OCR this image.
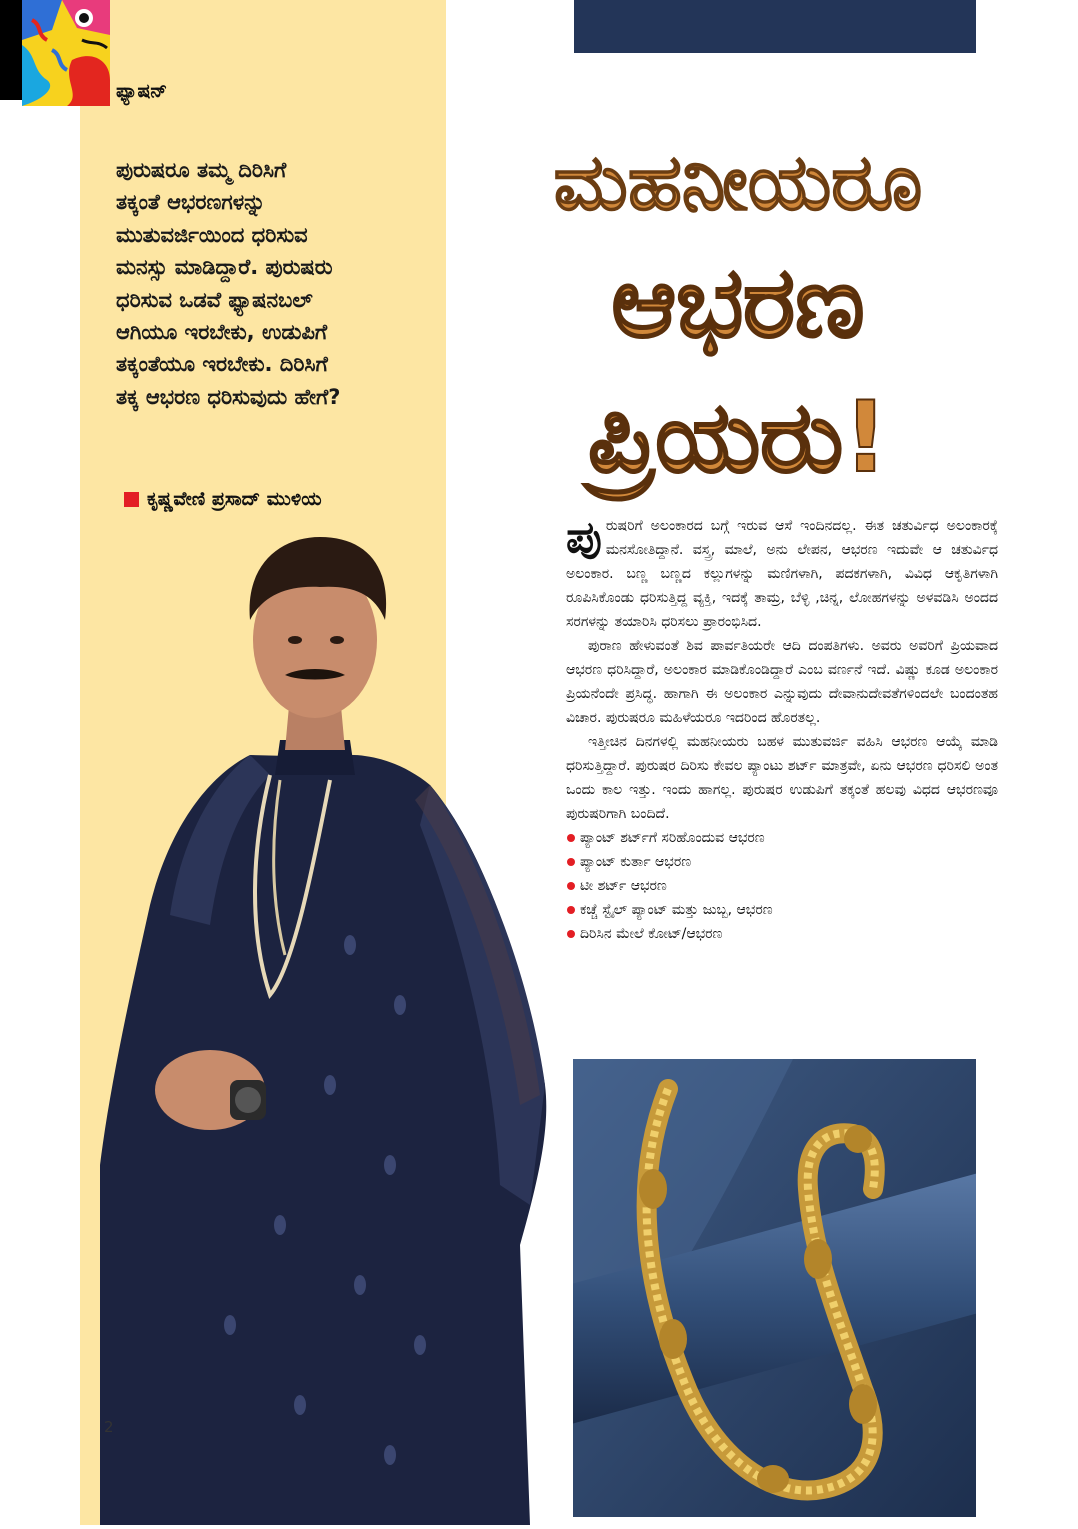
ಫ್ಯಾಷನ್

ಪುರುಷರೂ ತಮ್ಮ ದಿರಿಸಿಗೆ
ತಕ್ಕಂತೆ ಆಭರಣಗಳನ್ನು
ಮುತುವರ್ಜಿಯಿಂದ ಧರಿಸುವ
ಮನಸ್ಸು ಮಾಡಿದ್ದಾರೆ. ಪುರುಷರು
ಧರಿಸುವ ಒಡವೆ ಫ್ಯಾಷನಬಲ್
ಆಗಿಯೂ ಇರಬೇಕು, ಉಡುಪಿಗೆ
ತಕ್ಕಂತೆಯೂ ಇರಬೇಕು. ದಿರಿಸಿಗೆ
ತಕ್ಕ ಆಭರಣ ಧರಿಸುವುದು ಹೇಗೆ?

ಕೃಷ್ಣವೇಣಿ ಪ್ರಸಾದ್ ಮುಳಿಯ
ಮಹನೀಯರೂ
ಆಭರಣ
ಪ್ರಿಯರು!

ಪುರುಷರಿಗೆ ಅಲಂಕಾರದ ಬಗ್ಗೆ ಇರುವ ಆಸೆ ಇಂದಿನದಲ್ಲ. ಈತ ಚತುರ್ವಿಧ ಅಲಂಕಾರಕ್ಕೆ ಮನಸೋತಿದ್ದಾನೆ. ವಸ್ತ್ರ, ಮಾಲೆ, ಅನು ಲೇಪನ, ಆಭರಣ ಇದುವೇ ಆ ಚತುರ್ವಿಧ ಅಲಂಕಾರ. ಬಣ್ಣ ಬಣ್ಣದ ಕಲ್ಲುಗಳನ್ನು ಮಣಿಗಳಾಗಿ, ಪದಕಗಳಾಗಿ, ವಿವಿಧ ಆಕೃತಿಗಳಾಗಿ ರೂಪಿಸಿಕೊಂಡು ಧರಿಸುತ್ತಿದ್ದ ವ್ಯಕ್ತಿ, ಇದಕ್ಕೆ ತಾಮ್ರ, ಬೆಳ್ಳಿ ,ಚಿನ್ನ, ಲೋಹಗಳನ್ನು ಅಳವಡಿಸಿ ಅಂದದ ಸರಗಳನ್ನು ತಯಾರಿಸಿ ಧರಿಸಲು ಪ್ರಾರಂಭಿಸಿದ.

ಪುರಾಣ ಹೇಳುವಂತೆ ಶಿವ ಪಾರ್ವತಿಯರೇ ಆದಿ ದಂಪತಿಗಳು. ಅವರು ಅವರಿಗೆ ಪ್ರಿಯವಾದ ಆಭರಣ ಧರಿಸಿದ್ದಾರೆ, ಅಲಂಕಾರ ಮಾಡಿಕೊಂಡಿದ್ದಾರೆ ಎಂಬ ವರ್ಣನೆ ಇದೆ. ವಿಷ್ಣು ಕೂಡ ಅಲಂಕಾರ ಪ್ರಿಯನೆಂದೇ ಪ್ರಸಿದ್ಧ. ಹಾಗಾಗಿ ಈ ಅಲಂಕಾರ ಎನ್ನುವುದು ದೇವಾನುದೇವತೆಗಳಿಂದಲೇ ಬಂದಂತಹ ವಿಚಾರ. ಪುರುಷರೂ ಮಹಿಳೆಯರೂ ಇದರಿಂದ ಹೊರತಲ್ಲ.

ಇತ್ತೀಚಿನ ದಿನಗಳಲ್ಲಿ ಮಹನೀಯರು ಬಹಳ ಮುತುವರ್ಜಿ ವಹಿಸಿ ಆಭರಣ ಆಯ್ಕೆ ಮಾಡಿ ಧರಿಸುತ್ತಿದ್ದಾರೆ. ಪುರುಷರ ದಿರಿಸು ಕೇವಲ ಪ್ಯಾಂಟು ಶರ್ಟ್ ಮಾತ್ರವೇ, ಏನು ಆಭರಣ ಧರಿಸಲಿ ಅಂತ ಒಂದು ಕಾಲ ಇತ್ತು. ಇಂದು ಹಾಗಲ್ಲ. ಪುರುಷರ ಉಡುಪಿಗೆ ತಕ್ಕಂತೆ ಹಲವು ವಿಧದ ಆಭರಣವೂ ಪುರುಷರಿಗಾಗಿ ಬಂದಿದೆ.

ಪ್ಯಾಂಟ್ ಶರ್ಟ್‌ಗೆ ಸರಿಹೊಂದುವ ಆಭರಣ
ಪ್ಯಾಂಟ್ ಕುರ್ತಾ ಆಭರಣ
ಟೀ ಶರ್ಟ್ ಆಭರಣ
ಕಚ್ಚೆ ಸ್ಟೈಲ್ ಪ್ಯಾಂಟ್ ಮತ್ತು ಜುಬ್ಬ, ಆಭರಣ
ದಿರಿಸಿನ ಮೇಲೆ ಕೋಟ್/ಆಭರಣ
2
